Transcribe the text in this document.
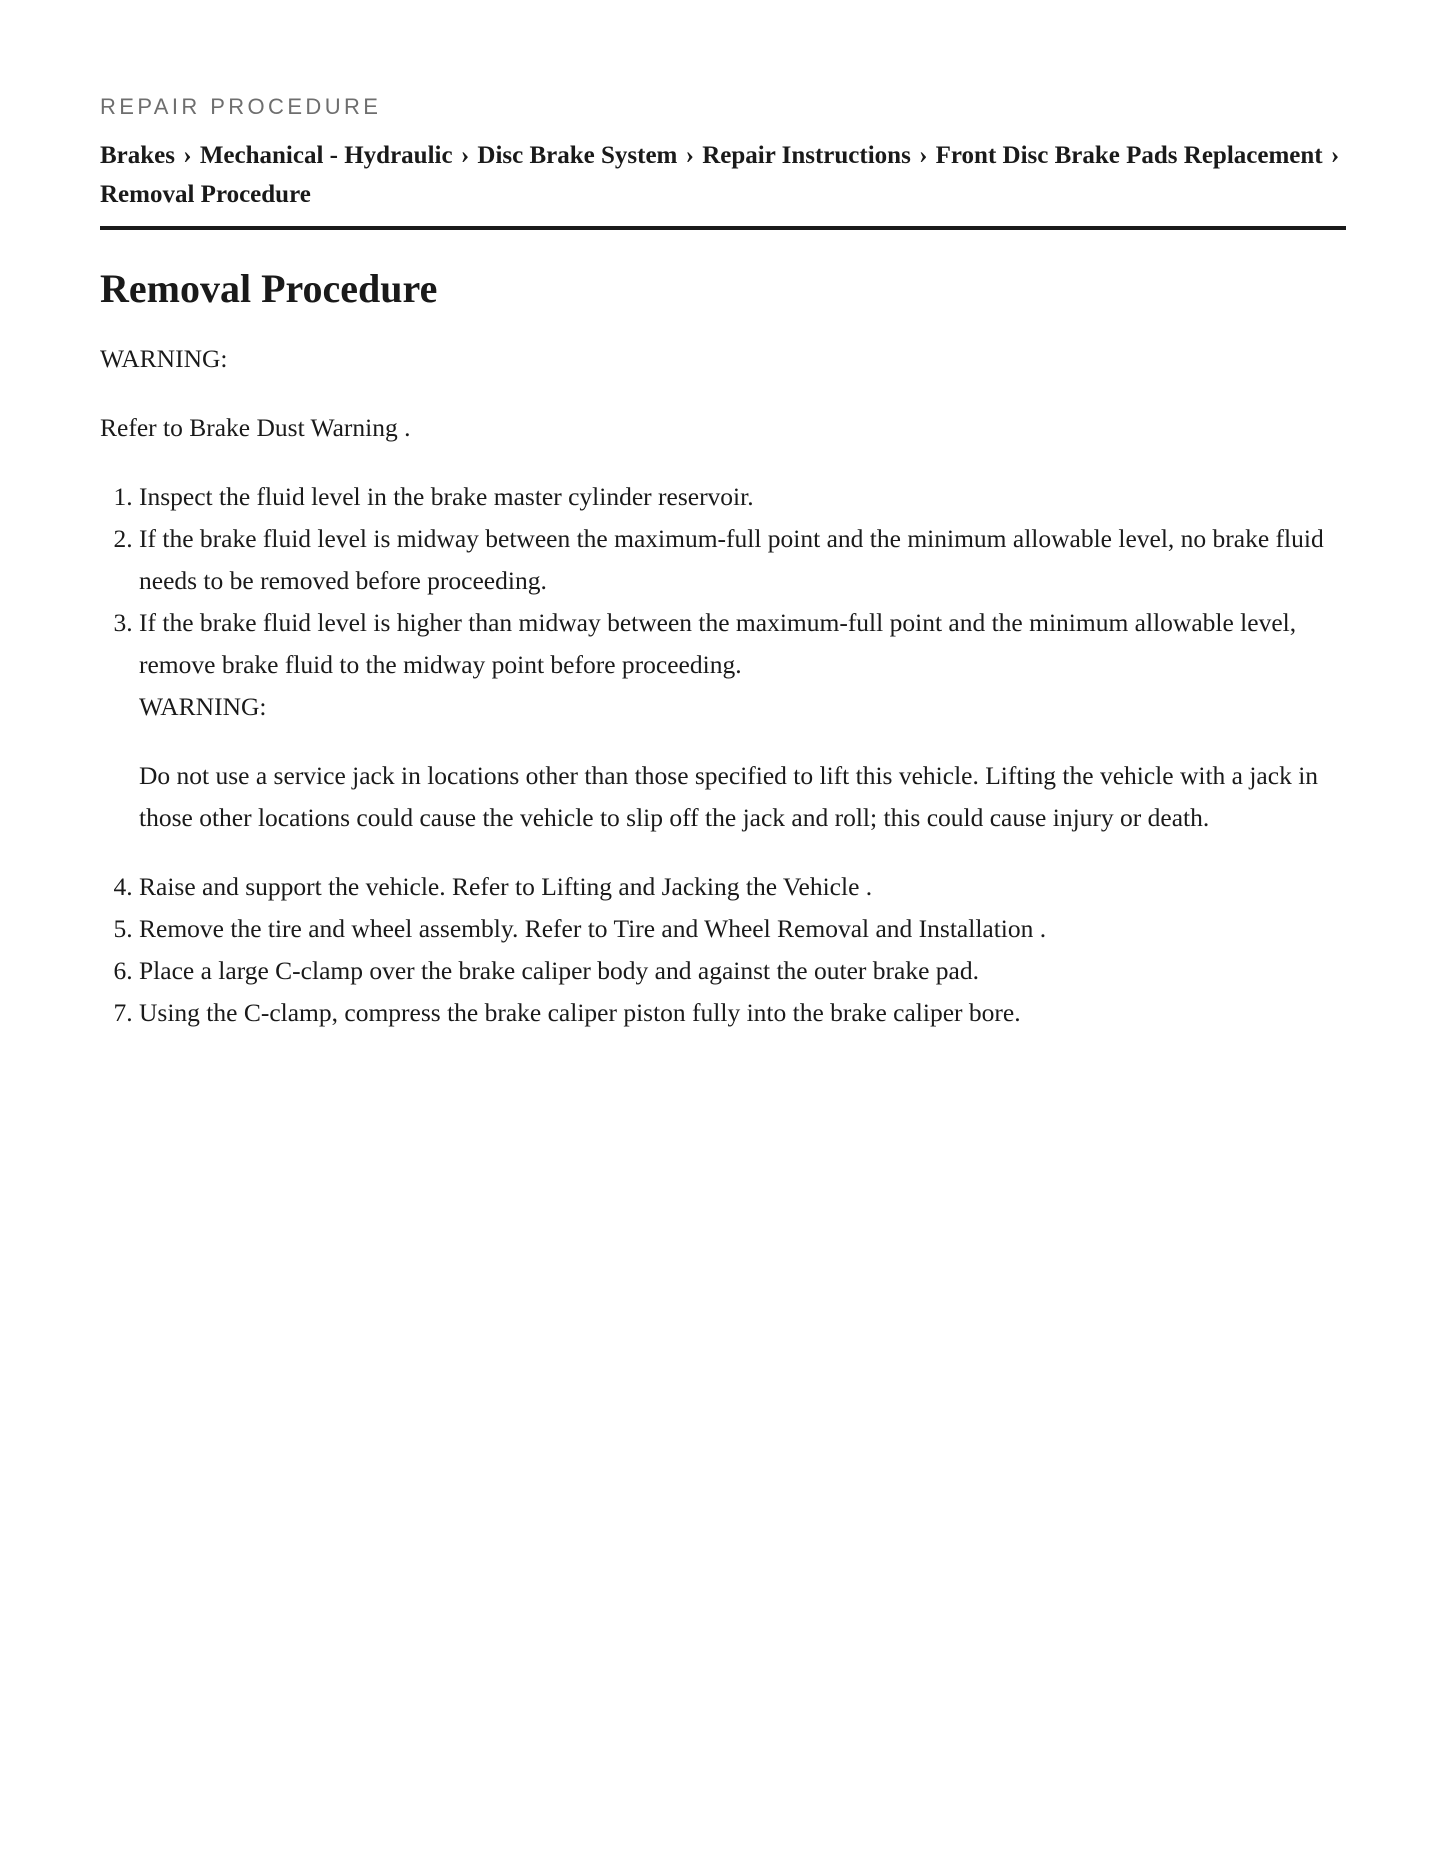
REPAIR PROCEDURE
Brakes › Mechanical - Hydraulic › Disc Brake System › Repair Instructions › Front Disc Brake Pads Replacement › Removal Procedure
Removal Procedure

WARNING:

Refer to Brake Dust Warning .

1. Inspect the fluid level in the brake master cylinder reservoir.
2. If the brake fluid level is midway between the maximum-full point and the minimum allowable level, no brake fluid needs to be removed before proceeding.
3. If the brake fluid level is higher than midway between the maximum-full point and the minimum allowable level, remove brake fluid to the midway point before proceeding.
WARNING:
Do not use a service jack in locations other than those specified to lift this vehicle. Lifting the vehicle with a jack in those other locations could cause the vehicle to slip off the jack and roll; this could cause injury or death.
4. Raise and support the vehicle. Refer to Lifting and Jacking the Vehicle .
5. Remove the tire and wheel assembly. Refer to Tire and Wheel Removal and Installation .
6. Place a large C-clamp over the brake caliper body and against the outer brake pad.
7. Using the C-clamp, compress the brake caliper piston fully into the brake caliper bore.
